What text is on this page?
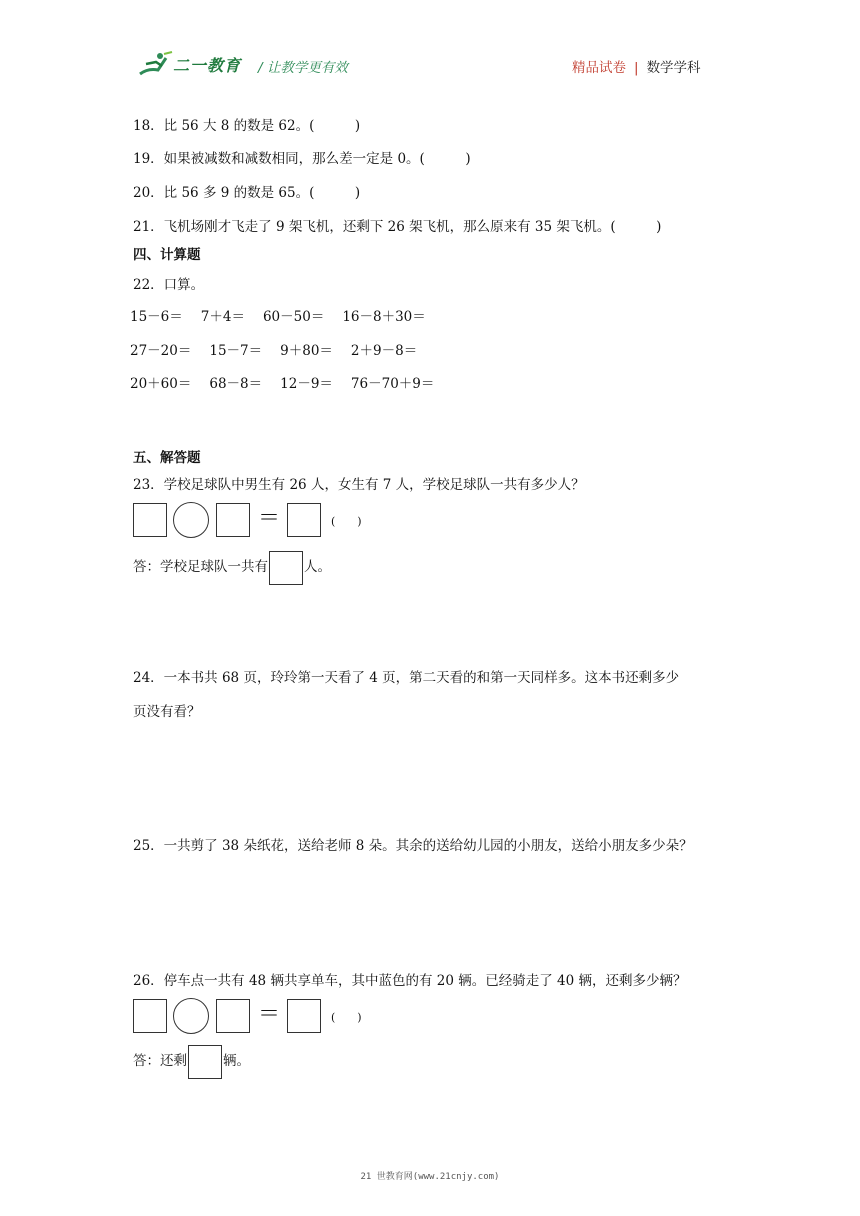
二一教育 / 让教学更有效	精品试卷 | 数学学科
18．比 56 大 8 的数是 62。(　　　)
19．如果被减数和减数相同，那么差一定是 0。(　　　)
20．比 56 多 9 的数是 65。(　　　)
21．飞机场刚才飞走了 9 架飞机，还剩下 26 架飞机，那么原来有 35 架飞机。(　　　)
四、计算题
22．口算。
15－6＝ 7＋4＝ 60－50＝ 16－8＋30＝
27－20＝ 15－7＝ 9＋80＝ 2＋9－8＝
20＋60＝ 68－8＝ 12－9＝ 76－70＋9＝
五、解答题
23．学校足球队中男生有 26 人，女生有 7 人，学校足球队一共有多少人？
＝	(　　)
答：学校足球队一共有	人。
24．一本书共 68 页，玲玲第一天看了 4 页，第二天看的和第一天同样多。这本书还剩多少
页没有看？
25．一共剪了 38 朵纸花，送给老师 8 朵。其余的送给幼儿园的小朋友，送给小朋友多少朵？
26．停车点一共有 48 辆共享单车，其中蓝色的有 20 辆。已经骑走了 40 辆，还剩多少辆？
＝	(　　)
答：还剩	辆。
21 世教育网(www.21cnjy.com)
